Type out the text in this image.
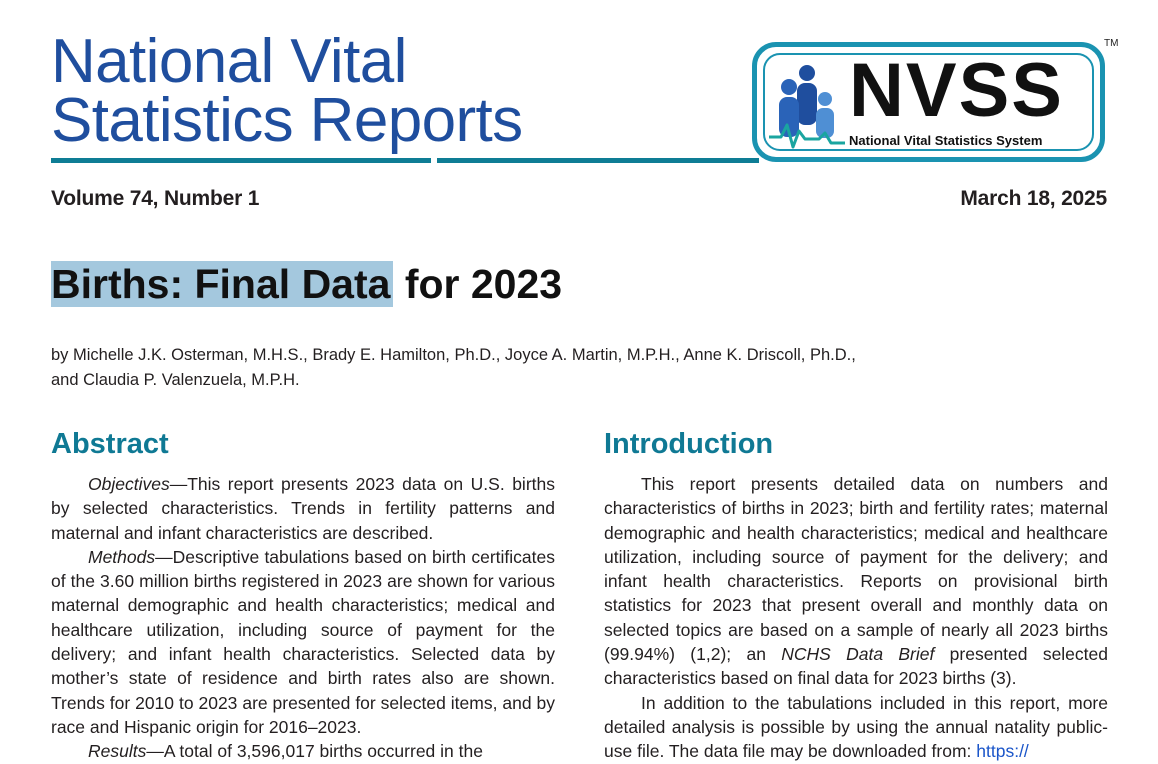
National Vital
Statistics Reports	NVSS
National Vital Statistics System
TM
Volume 74, Number 1	March 18, 2025
Births: Final Data for 2023

by Michelle J.K. Osterman, M.H.S., Brady E. Hamilton, Ph.D., Joyce A. Martin, M.P.H., Anne K. Driscoll, Ph.D.,
and Claudia P. Valenzuela, M.P.H.

Abstract

Objectives—This report presents 2023 data on U.S. births by selected characteristics. Trends in fertility patterns and maternal and infant characteristics are described.

Methods—Descriptive tabulations based on birth certificates of the 3.60 million births registered in 2023 are shown for various maternal demographic and health characteristics; medical and healthcare utilization, including source of payment for the delivery; and infant health characteristics. Selected data by mother’s state of residence and birth rates also are shown. Trends for 2010 to 2023 are presented for selected items, and by race and Hispanic origin for 2016–2023.

Results—A total of 3,596,017 births occurred in the

Introduction

This report presents detailed data on numbers and characteristics of births in 2023; birth and fertility rates; maternal demographic and health characteristics; medical and healthcare utilization, including source of payment for the delivery; and infant health characteristics. Reports on provisional birth statistics for 2023 that present overall and monthly data on selected topics are based on a sample of nearly all 2023 births (99.94%) (1,2); an NCHS Data Brief presented selected characteristics based on final data for 2023 births (3).

In addition to the tabulations included in this report, more detailed analysis is possible by using the annual natality public-use file. The data file may be downloaded from: https://
